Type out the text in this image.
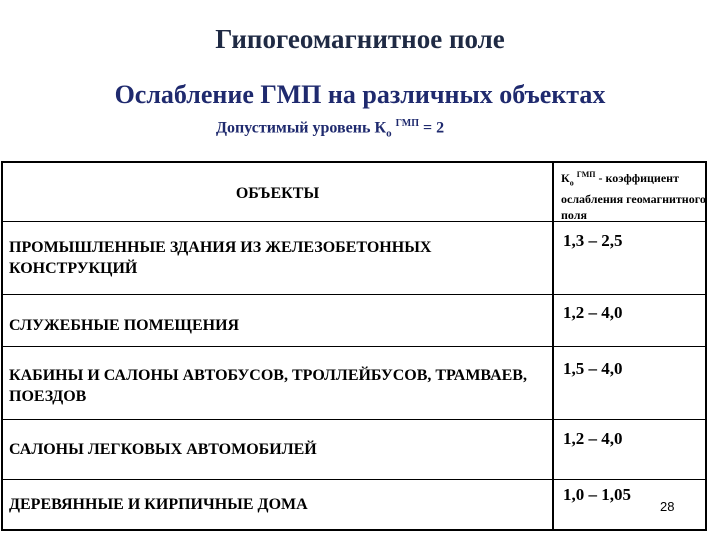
Гипогеомагнитное поле
Ослабление ГМП на различных объектах
Допустимый уровень $К_о$ $^{ГМП}$ = 2
ОБЪЕКТЫ
$К_о$ $^{ГМП}$ - коэффициент ослабления геомагнитного поля
ПРОМЫШЛЕННЫЕ ЗДАНИЯ ИЗ ЖЕЛЕЗОБЕТОННЫХ КОНСТРУКЦИЙ
1,3 – 2,5
СЛУЖЕБНЫЕ ПОМЕЩЕНИЯ
1,2 – 4,0
КАБИНЫ И САЛОНЫ АВТОБУСОВ, ТРОЛЛЕЙБУСОВ, ТРАМВАЕВ, ПОЕЗДОВ
1,5 – 4,0
САЛОНЫ ЛЕГКОВЫХ АВТОМОБИЛЕЙ
1,2 – 4,0
ДЕРЕВЯННЫЕ И КИРПИЧНЫЕ ДОМА
1,0 – 1,05
28
